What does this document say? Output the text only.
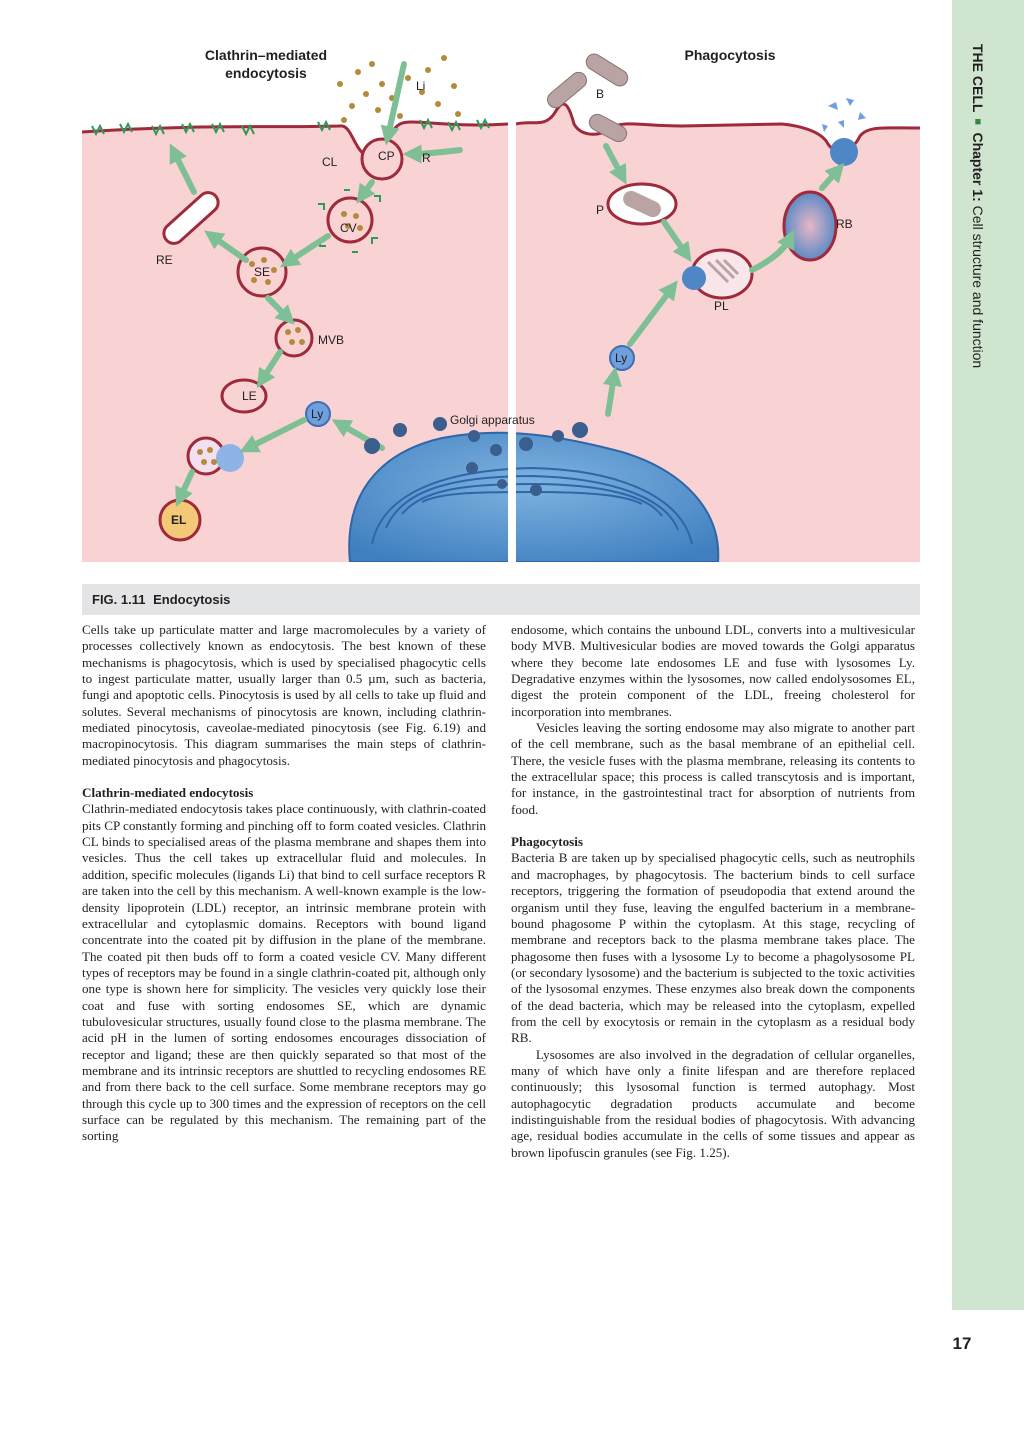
Clathrin–mediated
endocytosis
Phagocytosis
Li
CL	CP R
CV
RE
SE
MVB
LE
Ly
EL
Golgi apparatus
B
P
PL
Ly
RB
FIG. 1.11 Endocytosis

Cells take up particulate matter and large macromolecules by a variety of processes collectively known as endocytosis. The best known of these mechanisms is phagocytosis, which is used by specialised phagocytic cells to ingest particulate matter, usually larger than 0.5 µm, such as bacteria, fungi and apoptotic cells. Pinocytosis is used by all cells to take up fluid and solutes. Several mechanisms of pinocytosis are known, including clathrin-mediated pinocytosis, caveolae-mediated pinocytosis (see Fig. 6.19) and macropinocytosis. This diagram summarises the main steps of clathrin-mediated pinocytosis and phagocytosis.

Clathrin-mediated endocytosis

Clathrin-mediated endocytosis takes place continuously, with clathrin-coated pits CP constantly forming and pinching off to form coated vesicles. Clathrin CL binds to specialised areas of the plasma membrane and shapes them into vesicles. Thus the cell takes up extracellular fluid and molecules. In addition, specific molecules (ligands Li) that bind to cell surface receptors R are taken into the cell by this mechanism. A well-known example is the low-density lipoprotein (LDL) receptor, an intrinsic membrane protein with extracellular and cytoplasmic domains. Receptors with bound ligand concentrate into the coated pit by diffusion in the plane of the membrane. The coated pit then buds off to form a coated vesicle CV. Many different types of receptors may be found in a single clathrin-coated pit, although only one type is shown here for simplicity. The vesicles very quickly lose their coat and fuse with sorting endosomes SE, which are dynamic tubulovesicular structures, usually found close to the plasma membrane. The acid pH in the lumen of sorting endosomes encourages dissociation of receptor and ligand; these are then quickly separated so that most of the membrane and its intrinsic receptors are shuttled to recycling endosomes RE and from there back to the cell surface. Some membrane receptors may go through this cycle up to 300 times and the expression of receptors on the cell surface can be regulated by this mechanism. The remaining part of the sorting

endosome, which contains the unbound LDL, converts into a multivesicular body MVB. Multivesicular bodies are moved towards the Golgi apparatus where they become late endosomes LE and fuse with lysosomes Ly. Degradative enzymes within the lysosomes, now called endolysosomes EL, digest the protein component of the LDL, freeing cholesterol for incorporation into membranes.

Vesicles leaving the sorting endosome may also migrate to another part of the cell membrane, such as the basal membrane of an epithelial cell. There, the vesicle fuses with the plasma membrane, releasing its contents to the extracellular space; this process is called transcytosis and is important, for instance, in the gastrointestinal tract for absorption of nutrients from food.

Phagocytosis

Bacteria B are taken up by specialised phagocytic cells, such as neutrophils and macrophages, by phagocytosis. The bacterium binds to cell surface receptors, triggering the formation of pseudopodia that extend around the organism until they fuse, leaving the engulfed bacterium in a membrane-bound phagosome P within the cytoplasm. At this stage, recycling of membrane and receptors back to the plasma membrane takes place. The phagosome then fuses with a lysosome Ly to become a phagolysosome PL (or secondary lysosome) and the bacterium is subjected to the toxic activities of the lysosomal enzymes. These enzymes also break down the components of the dead bacteria, which may be released into the cytoplasm, expelled from the cell by exocytosis or remain in the cytoplasm as a residual body RB.

Lysosomes are also involved in the degradation of cellular organelles, many of which have only a finite lifespan and are therefore replaced continuously; this lysosomal function is termed autophagy. Most autophagocytic degradation products accumulate and become indistinguishable from the residual bodies of phagocytosis. With advancing age, residual bodies accumulate in the cells of some tissues and appear as brown lipofuscin granules (see Fig. 1.25).

THE CELL■Chapter 1: Cell structure and function
17
